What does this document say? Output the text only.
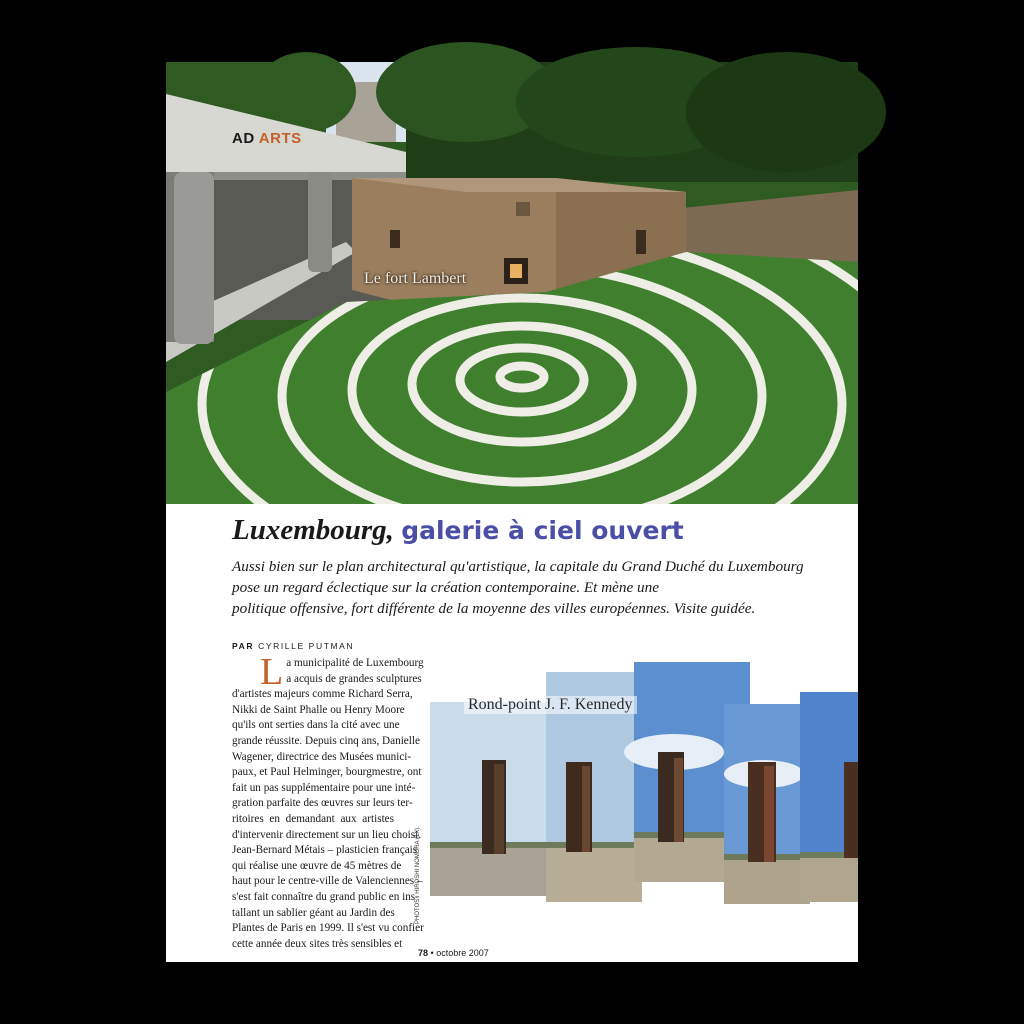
AD ARTS
Le fort Lambert
Luxembourg, galerie à ciel ouvert
Aussi bien sur le plan architectural qu'artistique, la capitale du Grand Duché du Luxembourg
pose un regard éclectique sur la création contemporaine. Et mène une
politique offensive, fort différente de la moyenne des villes européennes. Visite guidée.
PAR CYRILLE PUTMAN
L a municipalité de Luxembourg
a acquis de grandes sculptures
d'artistes majeurs comme Richard Serra,
Nikki de Saint Phalle ou Henry Moore
qu'ils ont serties dans la cité avec une
grande réussite. Depuis cinq ans, Danielle
Wagener, directrice des Musées munici-
paux, et Paul Helminger, bourgmestre, ont
fait un pas supplémentaire pour une inté-
gration parfaite des œuvres sur leurs ter-
ritoires en demandant aux artistes
d'intervenir directement sur un lieu choisi.
Jean-Bernard Métais – plasticien français
qui réalise une œuvre de 45 mètres de
haut pour le centre-ville de Valenciennes –
s'est fait connaître du grand public en ins-
tallant un sablier géant au Jardin des
Plantes de Paris en 1999. Il s'est vu confier
cette année deux sites très sensibles et
PHOTOS : HIROSHI NOMURA (1X).
Rond-point J. F. Kennedy
78 • octobre 2007
